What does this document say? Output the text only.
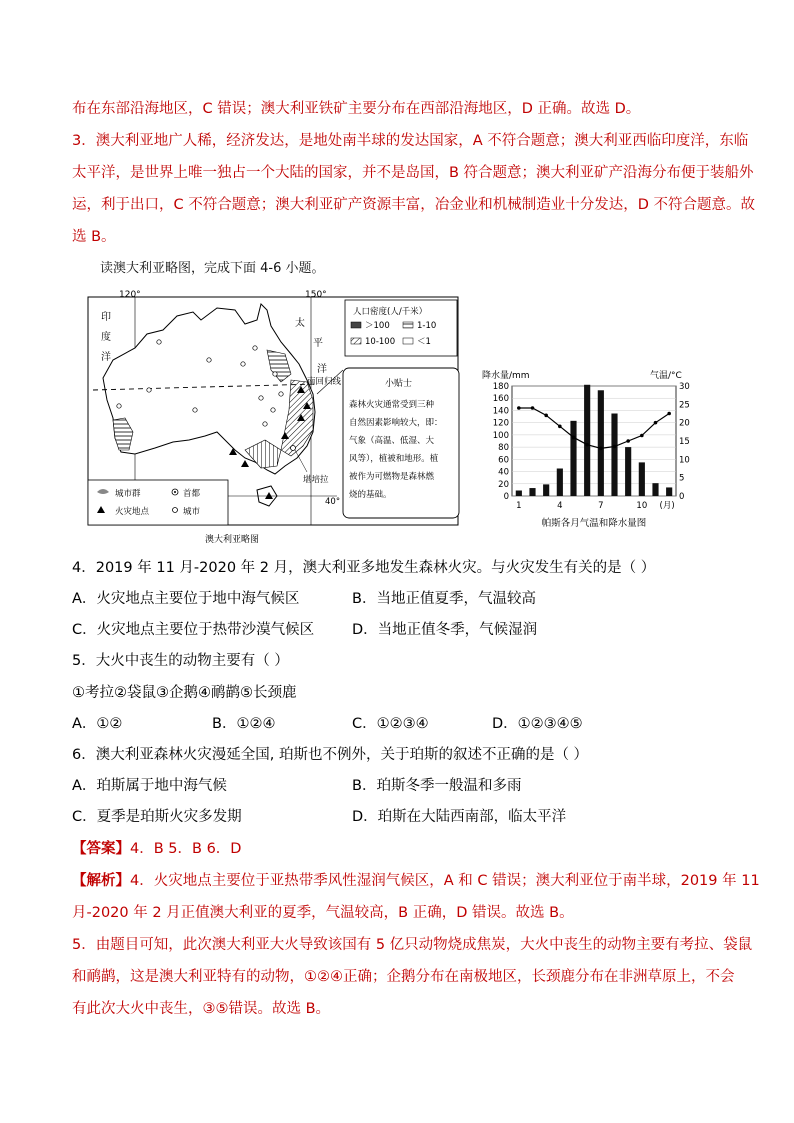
布在东部沿海地区，C 错误；澳大利亚铁矿主要分布在西部沿海地区，D 正确。故选 D。
3．澳大利亚地广人稀，经济发达，是地处南半球的发达国家，A 不符合题意；澳大利亚西临印度洋，东临
太平洋，是世界上唯一独占一个大陆的国家，并不是岛国，B 符合题意；澳大利亚矿产沿海分布便于装船外
运，利于出口，C 不符合题意；澳大利亚矿产资源丰富，冶金业和机械制造业十分发达，D 不符合题意。故
选 B。
读澳大利亚略图，完成下面 4-6 小题。
120°	150°
印
度
洋
太
平
洋
南回归线
40°
堪培拉
人口密度(人/千米）
＞100	1-10
10-100	＜1
城市群	首都
火灾地点	城市
澳大利亚略图
小贴士
森林火灾通常受到三种
自然因素影响较大，即：
气象（高温、低湿、大
风等），植被和地形。植
被作为可燃物是森林燃
烧的基础。
降水量/mm	气温/°C
180
160
140
120
100
80
60
40
20
0
30
25
20
15
10
5
0
1	4	7	10 (月)
帕斯各月气温和降水量图
4．2019 年 11 月-2020 年 2 月，澳大利亚多地发生森林火灾。与火灾发生有关的是（ ）
A．火灾地点主要位于地中海气候区	B．当地正值夏季，气温较高
C．火灾地点主要位于热带沙漠气候区	D．当地正值冬季，气候湿润
5．大火中丧生的动物主要有（ ）
①考拉②袋鼠③企鹅④鸸鹋⑤长颈鹿
A．①②	B．①②④	C．①②③④	D．①②③④⑤
6．澳大利亚森林火灾漫延全国, 珀斯也不例外，关于珀斯的叙述不正确的是（ ）
A．珀斯属于地中海气候	B．珀斯冬季一般温和多雨
C．夏季是珀斯火灾多发期	D．珀斯在大陆西南部，临太平洋
【答案】4．B 5．B 6．D
【解析】4．火灾地点主要位于亚热带季风性湿润气候区，A 和 C 错误；澳大利亚位于南半球，2019 年 11
月-2020 年 2 月正值澳大利亚的夏季，气温较高，B 正确，D 错误。故选 B。
5．由题目可知，此次澳大利亚大火导致该国有 5 亿只动物烧成焦炭，大火中丧生的动物主要有考拉、袋鼠
和鸸鹋，这是澳大利亚特有的动物，①②④正确；企鹅分布在南极地区，长颈鹿分布在非洲草原上，不会
有此次大火中丧生，③⑤错误。故选 B。
